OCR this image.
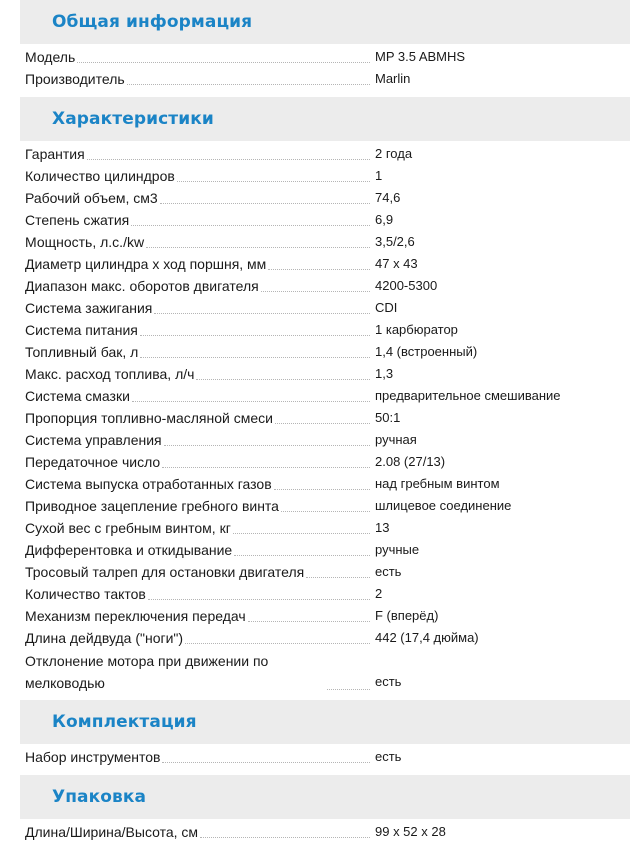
Общая информация
Модель	MP 3.5 ABMHS
Производитель	Marlin
Характеристики
Гарантия	2 года
Количество цилиндров	1
Рабочий объем, см3	74,6
Степень сжатия	6,9
Мощность, л.с./kw	3,5/2,6
Диаметр цилиндра x ход поршня, мм	47 x 43
Диапазон макс. оборотов двигателя	4200-5300
Система зажигания	CDI
Система питания	1 карбюратор
Топливный бак, л	1,4 (встроенный)
Макс. расход топлива, л/ч	1,3
Система смазки	предварительное смешивание
Пропорция топливно-масляной смеси	50:1
Система управления	ручная
Передаточное число	2.08 (27/13)
Система выпуска отработанных газов	над гребным винтом
Приводное зацепление гребного винта	шлицевое соединение
Сухой вес с гребным винтом, кг	13
Дифферентовка и откидывание	ручные
Тросовый талреп для остановки двигателя	есть
Количество тактов	2
Механизм переключения передач	F (вперёд)
Длина дейдвуда ("ноги")	442 (17,4 дюйма)
Отклонение мотора при движении по мелководью	есть
Комплектация
Набор инструментов	есть
Упаковка
Длина/Ширина/Высота, см	99 x 52 x 28
